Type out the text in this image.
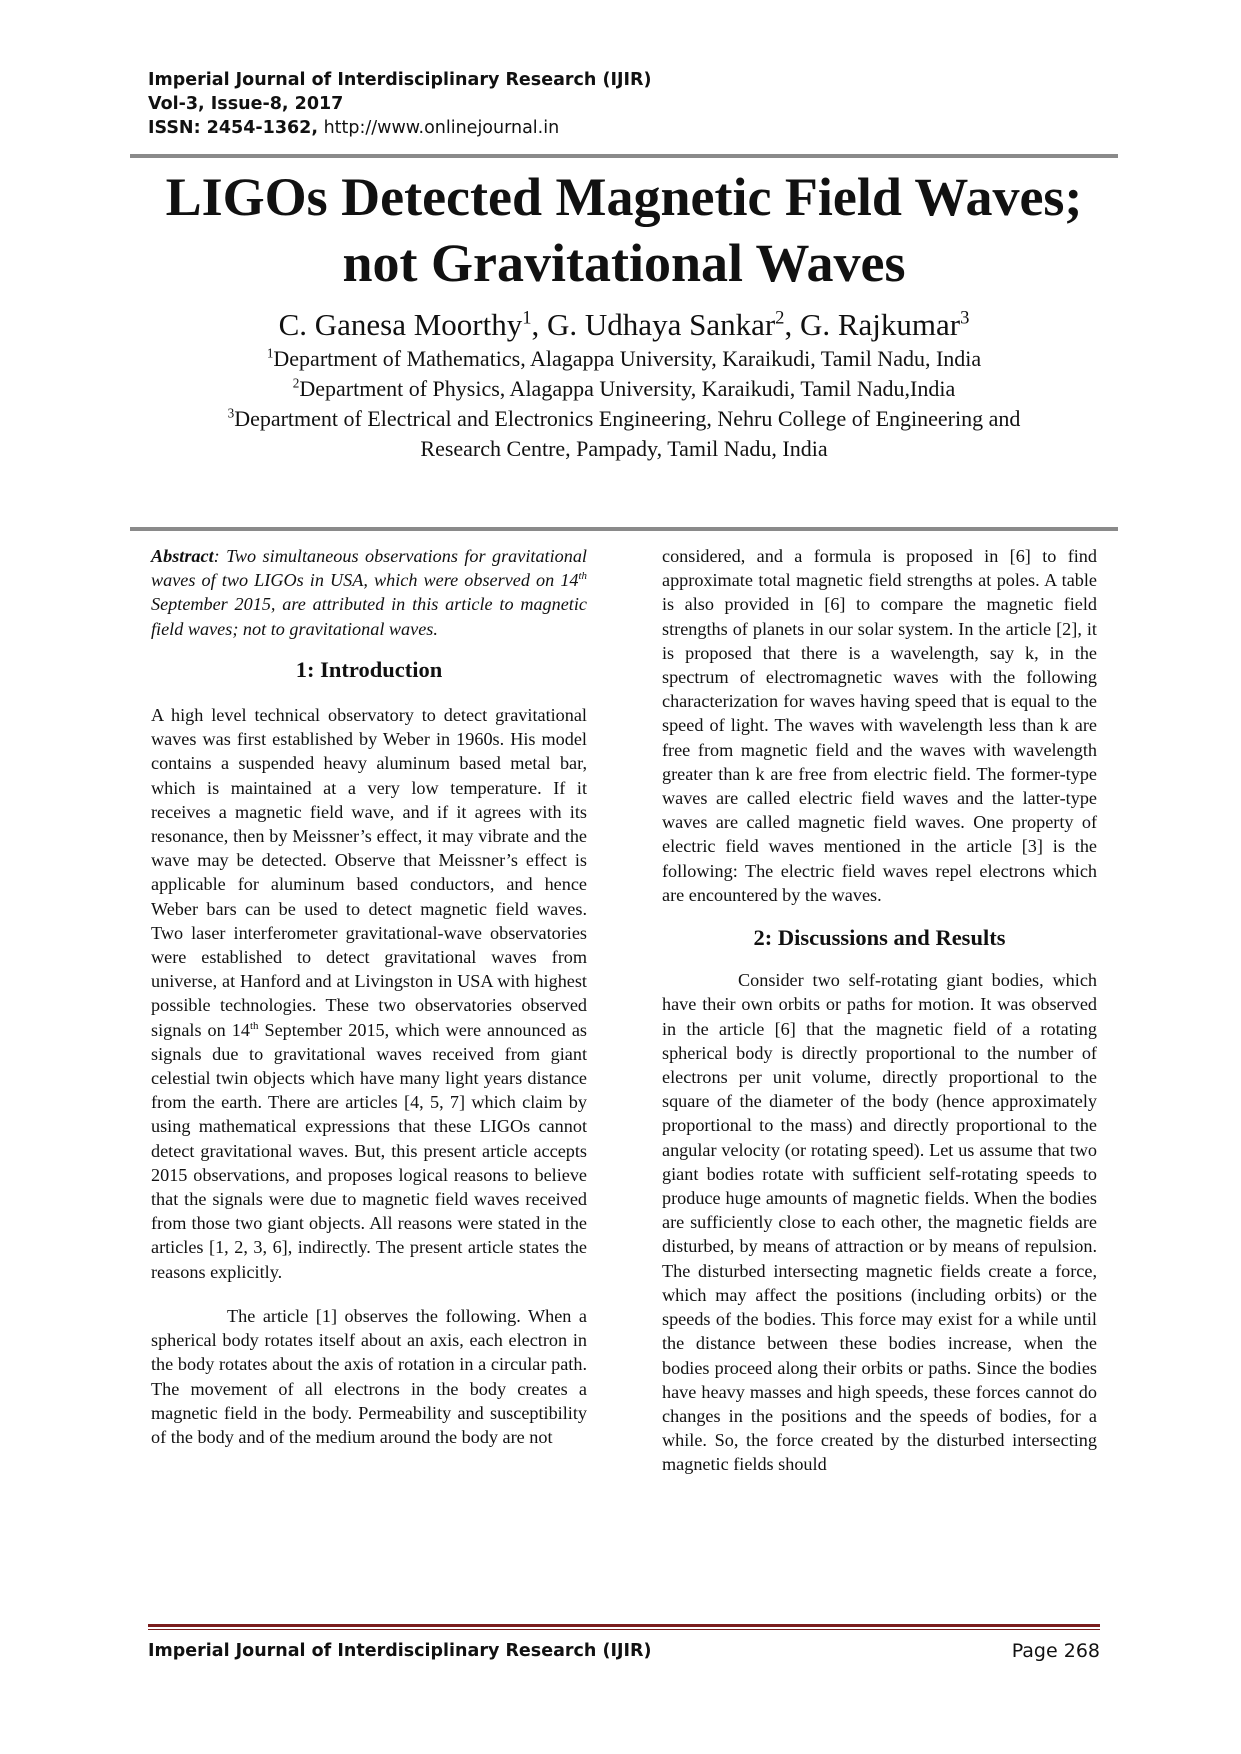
Imperial Journal of Interdisciplinary Research (IJIR)
Vol-3, Issue-8, 2017
ISSN: 2454-1362, http://www.onlinejournal.in
LIGOs Detected Magnetic Field Waves;
not Gravitational Waves
C. Ganesa Moorthy$^1$, G. Udhaya Sankar$^2$, G. Rajkumar$^3$
$^1$Department of Mathematics, Alagappa University, Karaikudi, Tamil Nadu, India
$^2$Department of Physics, Alagappa University, Karaikudi, Tamil Nadu,India
$^3$Department of Electrical and Electronics Engineering, Nehru College of Engineering and
Research Centre, Pampady, Tamil Nadu, India

Abstract: Two simultaneous observations for gravitational waves of two LIGOs in USA, which were observed on 14th September 2015, are attributed in this article to magnetic field waves; not to gravitational waves.

1: Introduction

A high level technical observatory to detect gravitational waves was first established by Weber in 1960s. His model contains a suspended heavy aluminum based metal bar, which is maintained at a very low temperature. If it receives a magnetic field wave, and if it agrees with its resonance, then by Meissner’s effect, it may vibrate and the wave may be detected. Observe that Meissner’s effect is applicable for aluminum based conductors, and hence Weber bars can be used to detect magnetic field waves. Two laser interferometer gravitational-wave observatories were established to detect gravitational waves from universe, at Hanford and at Livingston in USA with highest possible technologies. These two observatories observed signals on 14th September 2015, which were announced as signals due to gravitational waves received from giant celestial twin objects which have many light years distance from the earth. There are articles [4, 5, 7] which claim by using mathematical expressions that these LIGOs cannot detect gravitational waves. But, this present article accepts 2015 observations, and proposes logical reasons to believe that the signals were due to magnetic field waves received from those two giant objects. All reasons were stated in the articles [1, 2, 3, 6], indirectly. The present article states the reasons explicitly.

The article [1] observes the following. When a spherical body rotates itself about an axis, each electron in the body rotates about the axis of rotation in a circular path. The movement of all electrons in the body creates a magnetic field in the body. Permeability and susceptibility of the body and of the medium around the body are not

considered, and a formula is proposed in [6] to find approximate total magnetic field strengths at poles. A table is also provided in [6] to compare the magnetic field strengths of planets in our solar system. In the article [2], it is proposed that there is a wavelength, say k, in the spectrum of electromagnetic waves with the following characterization for waves having speed that is equal to the speed of light. The waves with wavelength less than k are free from magnetic field and the waves with wavelength greater than k are free from electric field. The former-type waves are called electric field waves and the latter-type waves are called magnetic field waves. One property of electric field waves mentioned in the article [3] is the following: The electric field waves repel electrons which are encountered by the waves.

2: Discussions and Results

Consider two self-rotating giant bodies, which have their own orbits or paths for motion. It was observed in the article [6] that the magnetic field of a rotating spherical body is directly proportional to the number of electrons per unit volume, directly proportional to the square of the diameter of the body (hence approximately proportional to the mass) and directly proportional to the angular velocity (or rotating speed). Let us assume that two giant bodies rotate with sufficient self-rotating speeds to produce huge amounts of magnetic fields. When the bodies are sufficiently close to each other, the magnetic fields are disturbed, by means of attraction or by means of repulsion. The disturbed intersecting magnetic fields create a force, which may affect the positions (including orbits) or the speeds of the bodies. This force may exist for a while until the distance between these bodies increase, when the bodies proceed along their orbits or paths. Since the bodies have heavy masses and high speeds, these forces cannot do changes in the positions and the speeds of bodies, for a while. So, the force created by the disturbed intersecting magnetic fields should

Imperial Journal of Interdisciplinary Research (IJIR)	Page 268
